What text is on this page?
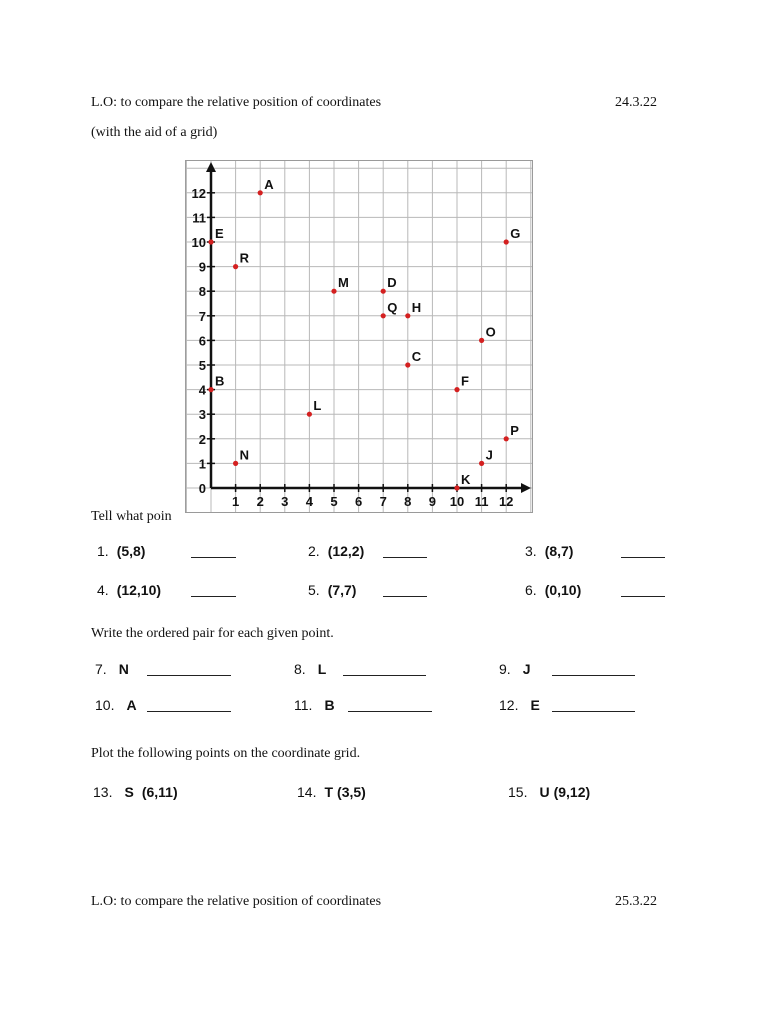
L.O: to compare the relative position of coordinates	24.3.22
(with the aid of a grid)
1 2 3 4 5 6 7 8 9 10 11 12
0
1
2
3
4
5
6
7
8
9
10
11
12
A
E
R
G
M	D
Q H
O
C
B	F
L
P
J
N
K
Tell what poin
1. (5,8)	2. (12,2)	3. (8,7)
4. (12,10)	5. (7,7)	6. (0,10)
Write the ordered pair for each given point.
7. N	8. L	9. J
10. A	11. B	12. E
Plot the following points on the coordinate grid.
13. S (6,11)	14. T (3,5)	15. U (9,12)
L.O: to compare the relative position of coordinates	25.3.22
